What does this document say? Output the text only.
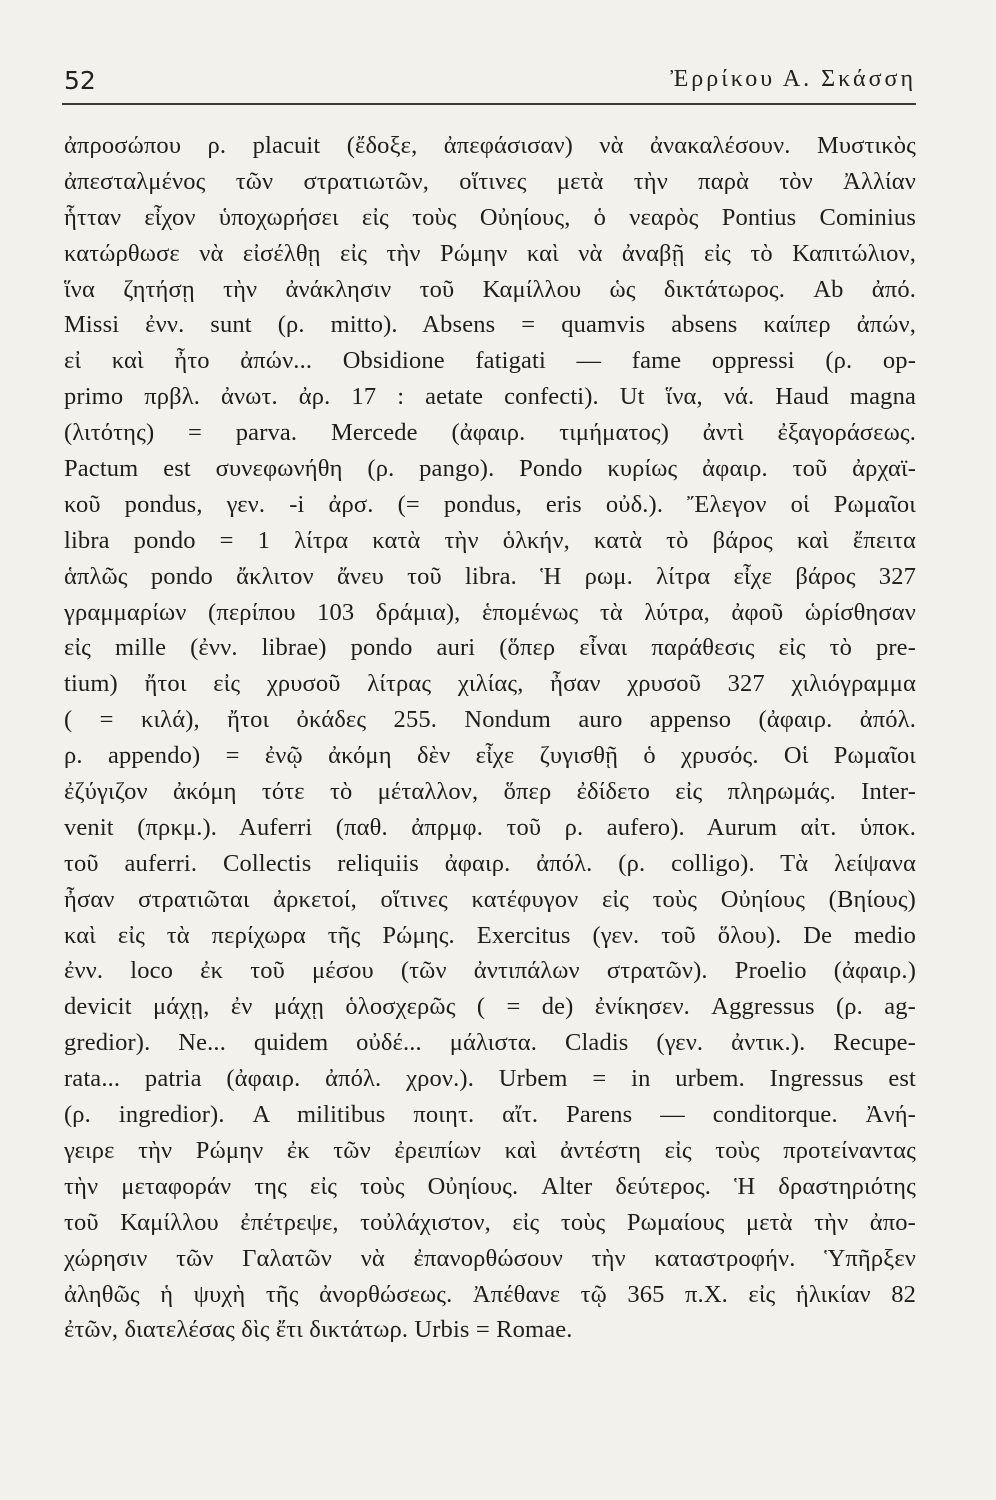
52	Ἐρρίκου Α. Σκάσση
ἀπροσώπου ρ. placuit (ἔδοξε, ἀπεφάσισαν) νὰ ἀνακαλέσουν. Μυστικὸς
ἀπεσταλμένος τῶν στρατιωτῶν, οἵτινες μετὰ τὴν παρὰ τὸν Ἀλλίαν
ἧτταν εἶχον ὑποχωρήσει εἰς τοὺς Οὐηίους, ὁ νεαρὸς Pontius Cominius
κατώρθωσε νὰ εἰσέλθῃ εἰς τὴν Ρώμην καὶ νὰ ἀναβῇ εἰς τὸ Καπιτώλιον,
ἵνα ζητήσῃ τὴν ἀνάκλησιν τοῦ Καμίλλου ὡς δικτάτωρος. Ab ἀπό.
Missi ἐνν. sunt (ρ. mitto). Absens = quamvis absens καίπερ ἀπών,
εἰ καὶ ἦτο ἀπών... Obsidione fatigati — fame oppressi (ρ. op-
primo πρβλ. ἀνωτ. ἀρ. 17 : aetate confecti). Ut ἵνα, νά. Haud magna
(λιτότης) = parva. Mercede (ἀφαιρ. τιμήματος) ἀντὶ ἐξαγοράσεως.
Pactum est συνεφωνήθη (ρ. pango). Pondo κυρίως ἀφαιρ. τοῦ ἀρχαϊ-
κοῦ pondus, γεν. -i ἀρσ. (= pondus, eris οὐδ.). Ἔλεγον οἱ Ρωμαῖοι
libra pondo = 1 λίτρα κατὰ τὴν ὁλκήν, κατὰ τὸ βάρος καὶ ἔπειτα
ἁπλῶς pondo ἄκλιτον ἄνευ τοῦ libra. Ἡ ρωμ. λίτρα εἶχε βάρος 327
γραμμαρίων (περίπου 103 δράμια), ἑπομένως τὰ λύτρα, ἀφοῦ ὡρίσθησαν
εἰς mille (ἐνν. librae) pondo auri (ὅπερ εἶναι παράθεσις εἰς τὸ pre-
tium) ἤτοι εἰς χρυσοῦ λίτρας χιλίας, ἦσαν χρυσοῦ 327 χιλιόγραμμα
( = κιλά), ἤτοι ὀκάδες 255. Nondum auro appenso (ἀφαιρ. ἀπόλ.
ρ. appendo) = ἐνῷ ἀκόμη δὲν εἶχε ζυγισθῇ ὁ χρυσός. Οἱ Ρωμαῖοι
ἐζύγιζον ἀκόμη τότε τὸ μέταλλον, ὅπερ ἐδίδετο εἰς πληρωμάς. Inter-
venit (πρκμ.). Auferri (παθ. ἀπρμφ. τοῦ ρ. aufero). Aurum αἰτ. ὑποκ.
τοῦ auferri. Collectis reliquiis ἀφαιρ. ἀπόλ. (ρ. colligo). Τὰ λείψανα
ἦσαν στρατιῶται ἀρκετοί, οἵτινες κατέφυγον εἰς τοὺς Οὐηίους (Βηίους)
καὶ εἰς τὰ περίχωρα τῆς Ρώμης. Exercitus (γεν. τοῦ ὅλου). De medio
ἐνν. loco ἐκ τοῦ μέσου (τῶν ἀντιπάλων στρατῶν). Proelio (ἀφαιρ.)
devicit μάχῃ, ἐν μάχῃ ὁλοσχερῶς ( = de) ἐνίκησεν. Aggressus (ρ. ag-
gredior). Ne... quidem οὐδέ... μάλιστα. Cladis (γεν. ἀντικ.). Recupe-
rata... patria (ἀφαιρ. ἀπόλ. χρον.). Urbem = in urbem. Ingressus est
(ρ. ingredior). A militibus ποιητ. αἴτ. Parens — conditorque. Ἀνή-
γειρε τὴν Ρώμην ἐκ τῶν ἐρειπίων καὶ ἀντέστη εἰς τοὺς προτείναντας
τὴν μεταφοράν της εἰς τοὺς Οὐηίους. Alter δεύτερος. Ἡ δραστηριότης
τοῦ Καμίλλου ἐπέτρεψε, τοὐλάχιστον, εἰς τοὺς Ρωμαίους μετὰ τὴν ἀπο-
χώρησιν τῶν Γαλατῶν νὰ ἐπανορθώσουν τὴν καταστροφήν. Ὑπῆρξεν
ἀληθῶς ἡ ψυχὴ τῆς ἀνορθώσεως. Ἀπέθανε τῷ 365 π.Χ. εἰς ἡλικίαν 82
ἐτῶν, διατελέσας δὶς ἔτι δικτάτωρ. Urbis = Romae.
